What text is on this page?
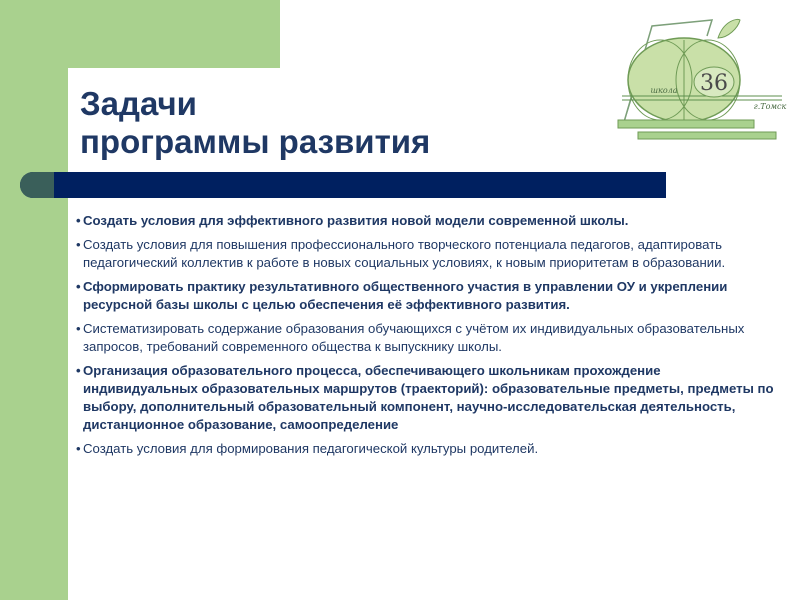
Задачи
программы развития
36
школа
г.Томск
• Создать условия для эффективного развития новой модели современной школы.
• Создать условия для повышения профессионального творческого потенциала педагогов, адаптировать педагогический коллектив к работе в новых социальных условиях, к новым приоритетам в образовании.
• Сформировать практику результативного общественного участия в управлении ОУ и укреплении ресурсной базы школы с целью обеспечения её эффективного развития.
• Систематизировать содержание образования обучающихся с учётом их индивидуальных образовательных запросов, требований современного общества к выпускнику школы.
• Организация образовательного процесса, обеспечивающего школьникам прохождение индивидуальных образовательных маршрутов (траекторий): образовательные предметы, предметы по выбору, дополнительный образовательный компонент, научно-исследовательская деятельность, дистанционное образование, самоопределение
• Создать условия для формирования педагогической культуры родителей.
